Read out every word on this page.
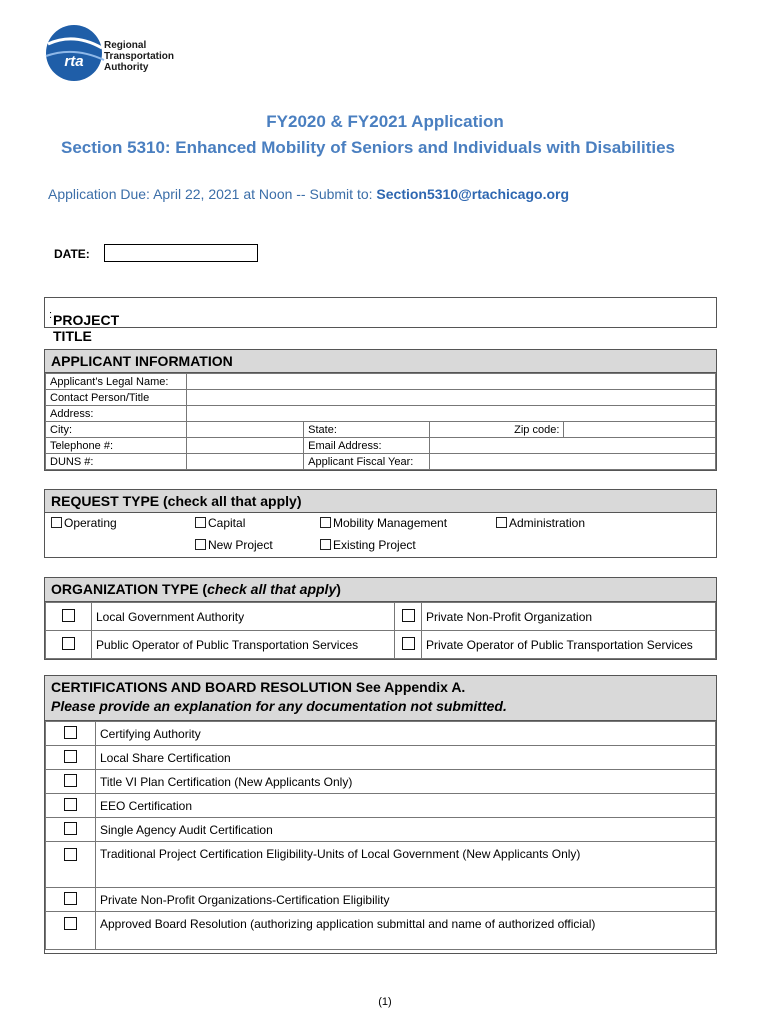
rta
Regional
Transportation
Authority
FY2020 & FY2021 Application
Section 5310: Enhanced Mobility of Seniors and Individuals with Disabilities
Application Due: April 22, 2021 at Noon -- Submit to: Section5310@rtachicago.org
DATE:
PROJECT TITLE
:
APPLICANT INFORMATION
Applicant’s Legal Name:				
Contact Person/Title				
Address:				
City:		State:	Zip code:	
Telephone #:		Email Address:		
DUNS #:		Applicant Fiscal Year:		
REQUEST TYPE (check all that apply)
Operating	Capital	Mobility Management	Administration
New Project	Existing Project
ORGANIZATION TYPE (check all that apply)
	Local Government Authority		Private Non-Profit Organization
	Public Operator of Public Transportation Services		Private Operator of Public Transportation Services
CERTIFICATIONS AND BOARD RESOLUTION See Appendix A.
Please provide an explanation for any documentation not submitted.
	Certifying Authority
	Local Share Certification
	Title VI Plan Certification (New Applicants Only)
	EEO Certification
	Single Agency Audit Certification
	Traditional Project Certification Eligibility-Units of Local Government (New Applicants Only)
	Private Non-Profit Organizations-Certification Eligibility
	Approved Board Resolution (authorizing application submittal and name of authorized official)
(1)
